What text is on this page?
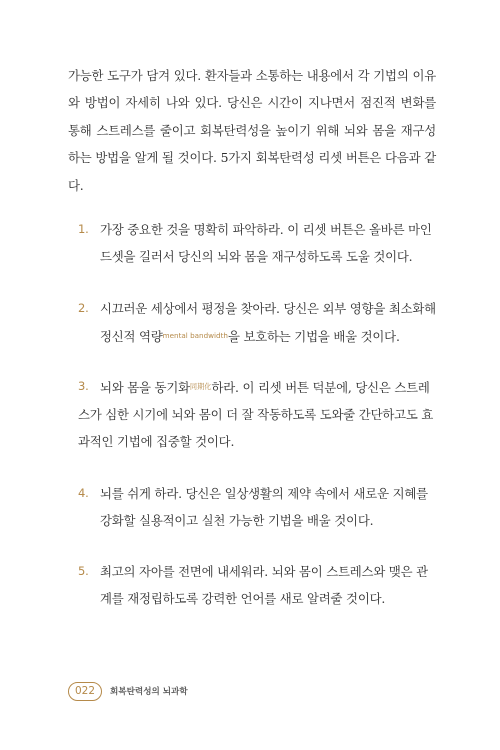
가능한 도구가 담겨 있다. 환자들과 소통하는 내용에서 각 기법의 이유와 방법이 자세히 나와 있다. 당신은 시간이 지나면서 점진적 변화를 통해 스트레스를 줄이고 회복탄력성을 높이기 위해 뇌와 몸을 재구성하는 방법을 알게 될 것이다. 5가지 회복탄력성 리셋 버튼은 다음과 같다.

1. 가장 중요한 것을 명확히 파악하라. 이 리셋 버튼은 올바른 마인드셋을 길러서 당신의 뇌와 몸을 재구성하도록 도울 것이다.

2. 시끄러운 세상에서 평정을 찾아라. 당신은 외부 영향을 최소화해 정신적 역량$^{mental bandwidth}$을 보호하는 기법을 배울 것이다.

3. 뇌와 몸을 동기화$^{同期化}$하라. 이 리셋 버튼 덕분에, 당신은 스트레스가 심한 시기에 뇌와 몸이 더 잘 작동하도록 도와줄 간단하고도 효과적인 기법에 집중할 것이다.

4. 뇌를 쉬게 하라. 당신은 일상생활의 제약 속에서 새로운 지혜를 강화할 실용적이고 실천 가능한 기법을 배울 것이다.

5. 최고의 자아를 전면에 내세워라. 뇌와 몸이 스트레스와 맺은 관계를 재정립하도록 강력한 언어를 새로 알려줄 것이다.

022	회복탄력성의 뇌과학
